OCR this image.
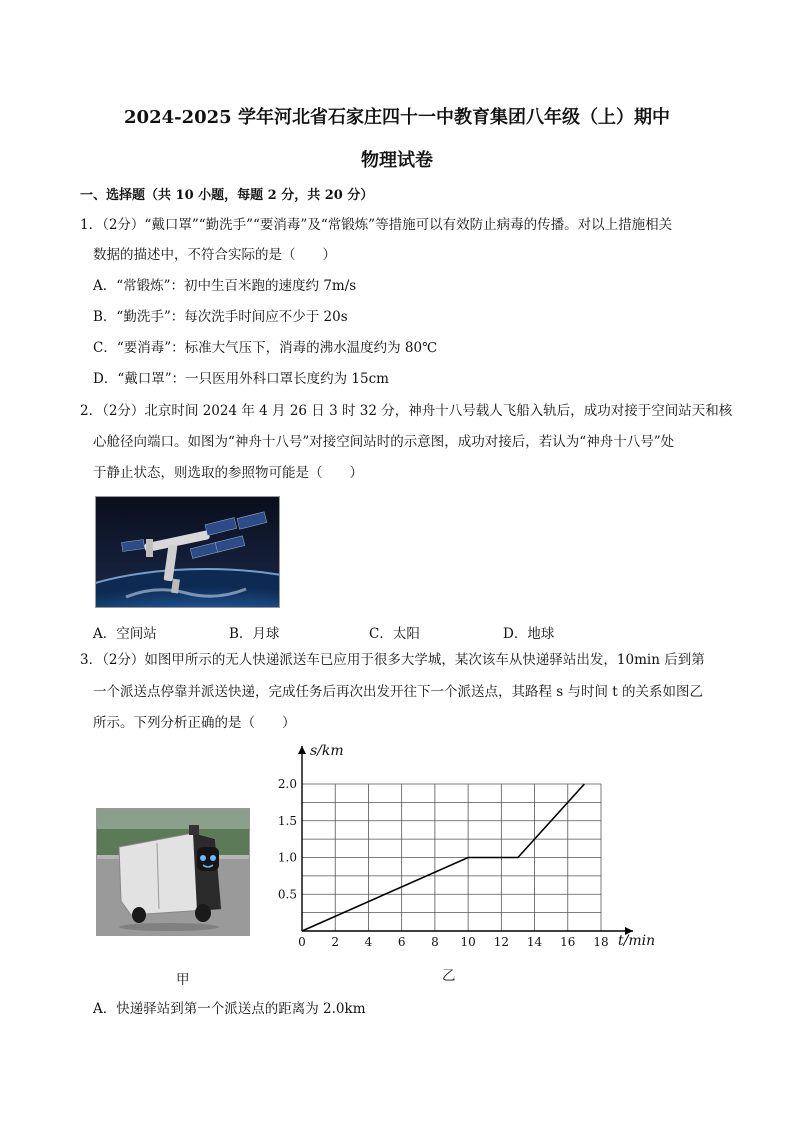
2024-2025 学年河北省石家庄四十一中教育集团八年级（上）期中
物理试卷
一、选择题（共 10 小题，每题 2 分，共 20 分）
1．（2分）“戴口罩”“勤洗手”“要消毒”及“常锻炼”等措施可以有效防止病毒的传播。对以上措施相关
数据的描述中，不符合实际的是（　　）
A．“常锻炼”：初中生百米跑的速度约 7m/s
B．“勤洗手”：每次洗手时间应不少于 20s
C．“要消毒”：标准大气压下，消毒的沸水温度约为 80℃
D．“戴口罩”：一只医用外科口罩长度约为 15cm
2．（2分）北京时间 2024 年 4 月 26 日 3 时 32 分，神舟十八号载人飞船入轨后，成功对接于空间站天和核
心舱径向端口。如图为“神舟十八号”对接空间站时的示意图，成功对接后，若认为“神舟十八号”处
于静止状态，则选取的参照物可能是（　　）
A．空间站	B．月球	C．太阳	D．地球
3．（2分）如图甲所示的无人快递派送车已应用于很多大学城，某次该车从快递驿站出发，10min 后到第
一个派送点停靠并派送快递，完成任务后再次出发开往下一个派送点，其路程 s 与时间 t 的关系如图乙
所示。下列分析正确的是（　　）
0 2 4 6 8 10 12 14 16 18
0.5
1.0
1.5
2.0
s/km
t/min
甲	乙
A．快递驿站到第一个派送点的距离为 2.0km
